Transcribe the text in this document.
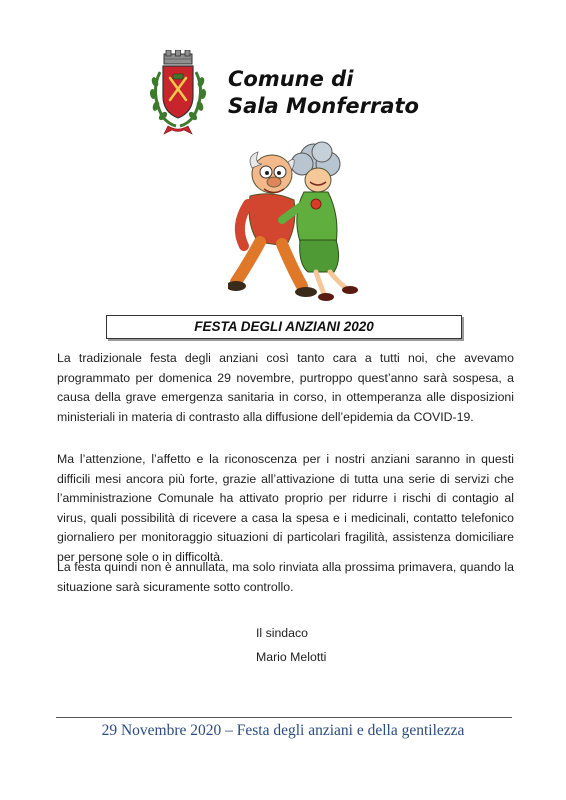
Comune di
Sala Monferrato
FESTA DEGLI ANZIANI 2020
La tradizionale festa degli anziani così tanto cara a tutti noi, che avevamo programmato per domenica 29 novembre, purtroppo quest’anno sarà sospesa, a causa della grave emergenza sanitaria in corso, in ottemperanza alle disposizioni ministeriali in materia di contrasto alla diffusione dell’epidemia da COVID-19.
Ma l’attenzione, l’affetto e la riconoscenza per i nostri anziani saranno in questi difficili mesi ancora più forte, grazie all’attivazione di tutta una serie di servizi che l’amministrazione Comunale ha attivato proprio per ridurre i rischi di contagio al virus, quali possibilità di ricevere a casa la spesa e i medicinali, contatto telefonico giornaliero per monitoraggio situazioni di particolari fragilità, assistenza domiciliare per persone sole o in difficoltà.
La festa quindi non è annullata, ma solo rinviata alla prossima primavera, quando la situazione sarà sicuramente sotto controllo.
Il sindaco
Mario Melotti
29 Novembre 2020 – Festa degli anziani e della gentilezza
